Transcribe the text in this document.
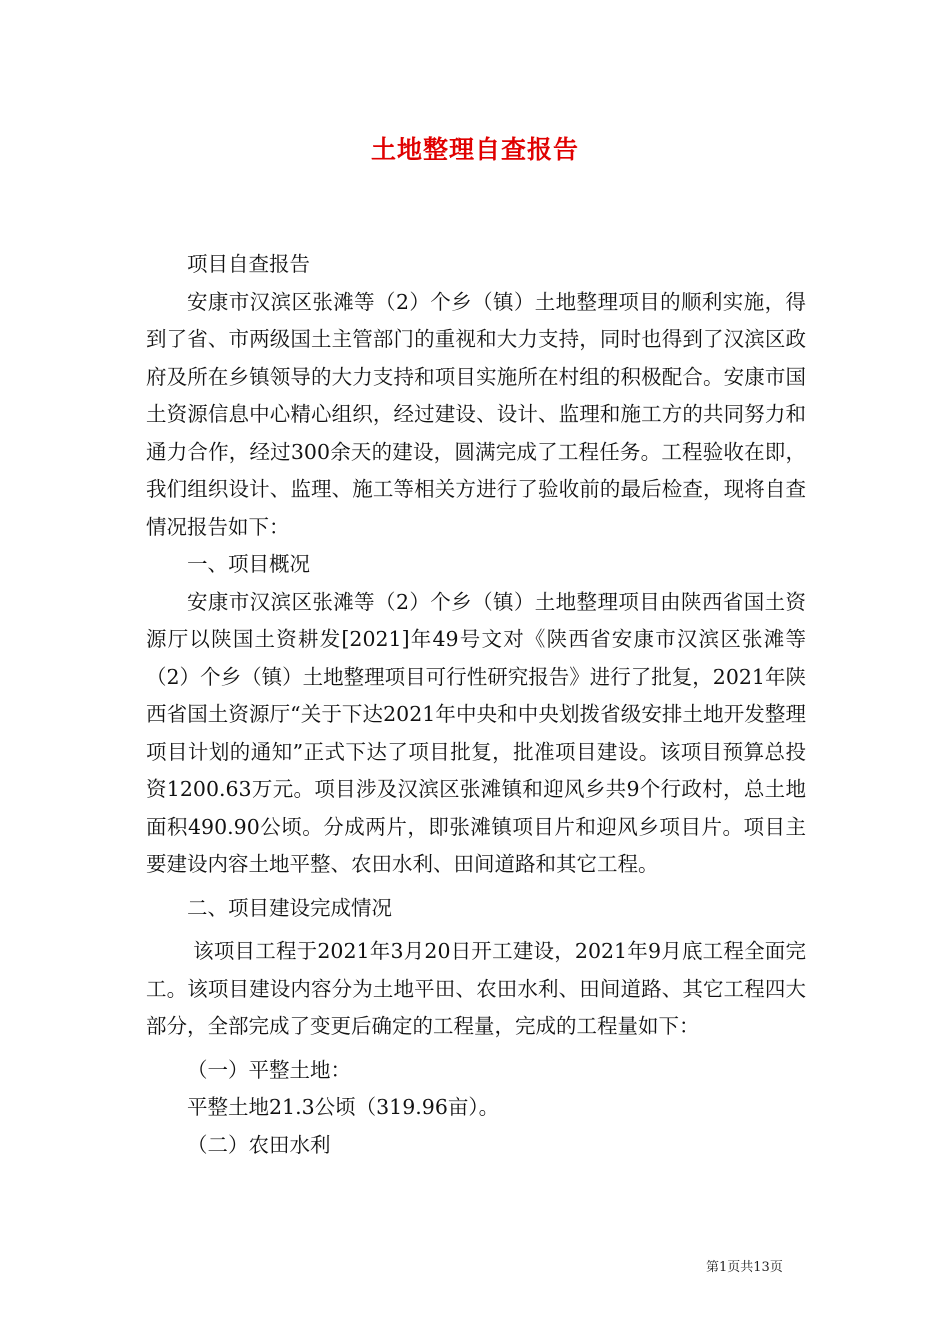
土地整理自查报告

项目自查报告

安康市汉滨区张滩等（2）个乡（镇）土地整理项目的顺利实施，得到了省、市两级国土主管部门的重视和大力支持，同时也得到了汉滨区政府及所在乡镇领导的大力支持和项目实施所在村组的积极配合。安康市国土资源信息中心精心组织，经过建设、设计、监理和施工方的共同努力和通力合作，经过300余天的建设，圆满完成了工程任务。工程验收在即，我们组织设计、监理、施工等相关方进行了验收前的最后检查，现将自查情况报告如下：

一、项目概况

安康市汉滨区张滩等（2）个乡（镇）土地整理项目由陕西省国土资源厅以陕国土资耕发[2021]年49号文对《陕西省安康市汉滨区张滩等（2）个乡（镇）土地整理项目可行性研究报告》进行了批复，2021年陕西省国土资源厅“关于下达2021年中央和中央划拨省级安排土地开发整理项目计划的通知”正式下达了项目批复，批准项目建设。该项目预算总投资1200.63万元。项目涉及汉滨区张滩镇和迎风乡共9个行政村，总土地面积490.90公顷。分成两片，即张滩镇项目片和迎风乡项目片。项目主要建设内容土地平整、农田水利、田间道路和其它工程。

二、项目建设完成情况

该项目工程于2021年3月20日开工建设，2021年9月底工程全面完工。该项目建设内容分为土地平田、农田水利、田间道路、其它工程四大部分，全部完成了变更后确定的工程量，完成的工程量如下：

（一）平整土地：

平整土地21.3公顷（319.96亩）。

（二）农田水利

第1页共13页
